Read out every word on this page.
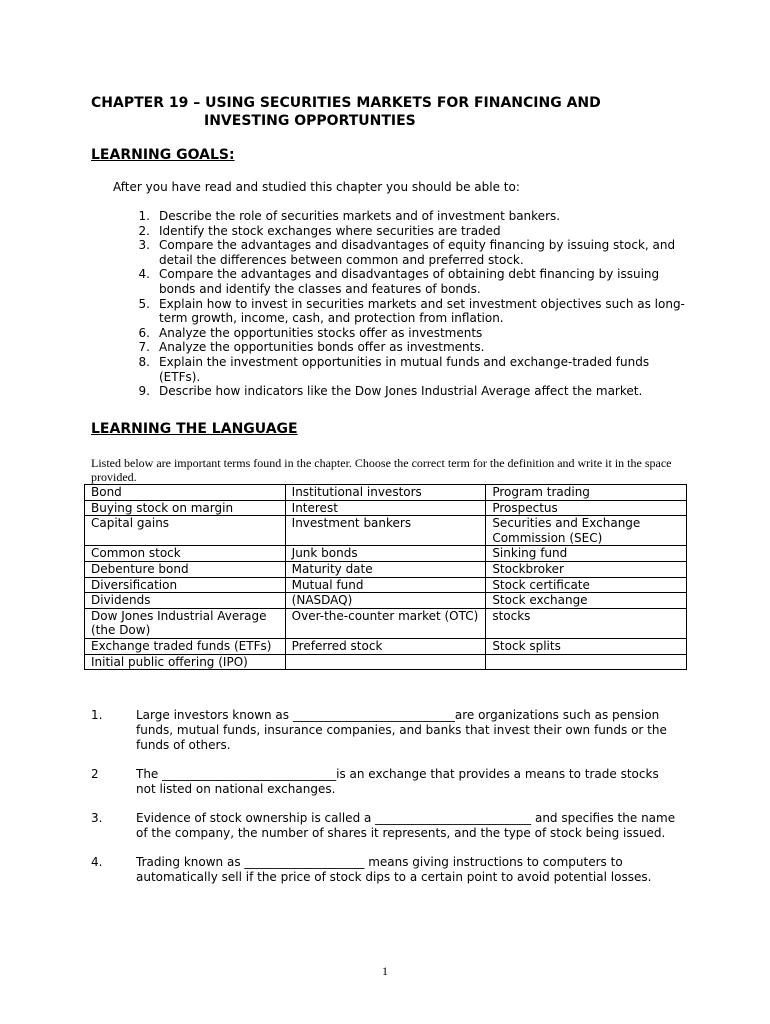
CHAPTER 19 – USING SECURITIES MARKETS FOR FINANCING AND
INVESTING OPPORTUNTIES
LEARNING GOALS:
After you have read and studied this chapter you should be able to:
1. Describe the role of securities markets and of investment bankers.
2. Identify the stock exchanges where securities are traded
3. Compare the advantages and disadvantages of equity financing by issuing stock, and detail the differences between common and preferred stock.
4. Compare the advantages and disadvantages of obtaining debt financing by issuing bonds and identify the classes and features of bonds.
5. Explain how to invest in securities markets and set investment objectives such as long-term growth, income, cash, and protection from inflation.
6. Analyze the opportunities stocks offer as investments
7. Analyze the opportunities bonds offer as investments.
8. Explain the investment opportunities in mutual funds and exchange-traded funds (ETFs).
9. Describe how indicators like the Dow Jones Industrial Average affect the market.
LEARNING THE LANGUAGE
Listed below are important terms found in the chapter. Choose the correct term for the definition and write it in the space provided.
Bond	Institutional investors	Program trading
Buying stock on margin	Interest	Prospectus
Capital gains	Investment bankers	Securities and Exchange Commission (SEC)
Common stock	Junk bonds	Sinking fund
Debenture bond	Maturity date	Stockbroker
Diversification	Mutual fund	Stock certificate
Dividends	(NASDAQ)	Stock exchange
Dow Jones Industrial Average (the Dow)	Over-the-counter market (OTC)	stocks
Exchange traded funds (ETFs)	Preferred stock	Stock splits
Initial public offering (IPO)		
1.	Large investors known as ___________________________are organizations such as pension funds, mutual funds, insurance companies, and banks that invest their own funds or the funds of others.
2	The _____________________________is an exchange that provides a means to trade stocks not listed on national exchanges.
3.	Evidence of stock ownership is called a __________________________ and specifies the name of the company, the number of shares it represents, and the type of stock being issued.
4.	Trading known as ____________________ means giving instructions to computers to automatically sell if the price of stock dips to a certain point to avoid potential losses.
1
